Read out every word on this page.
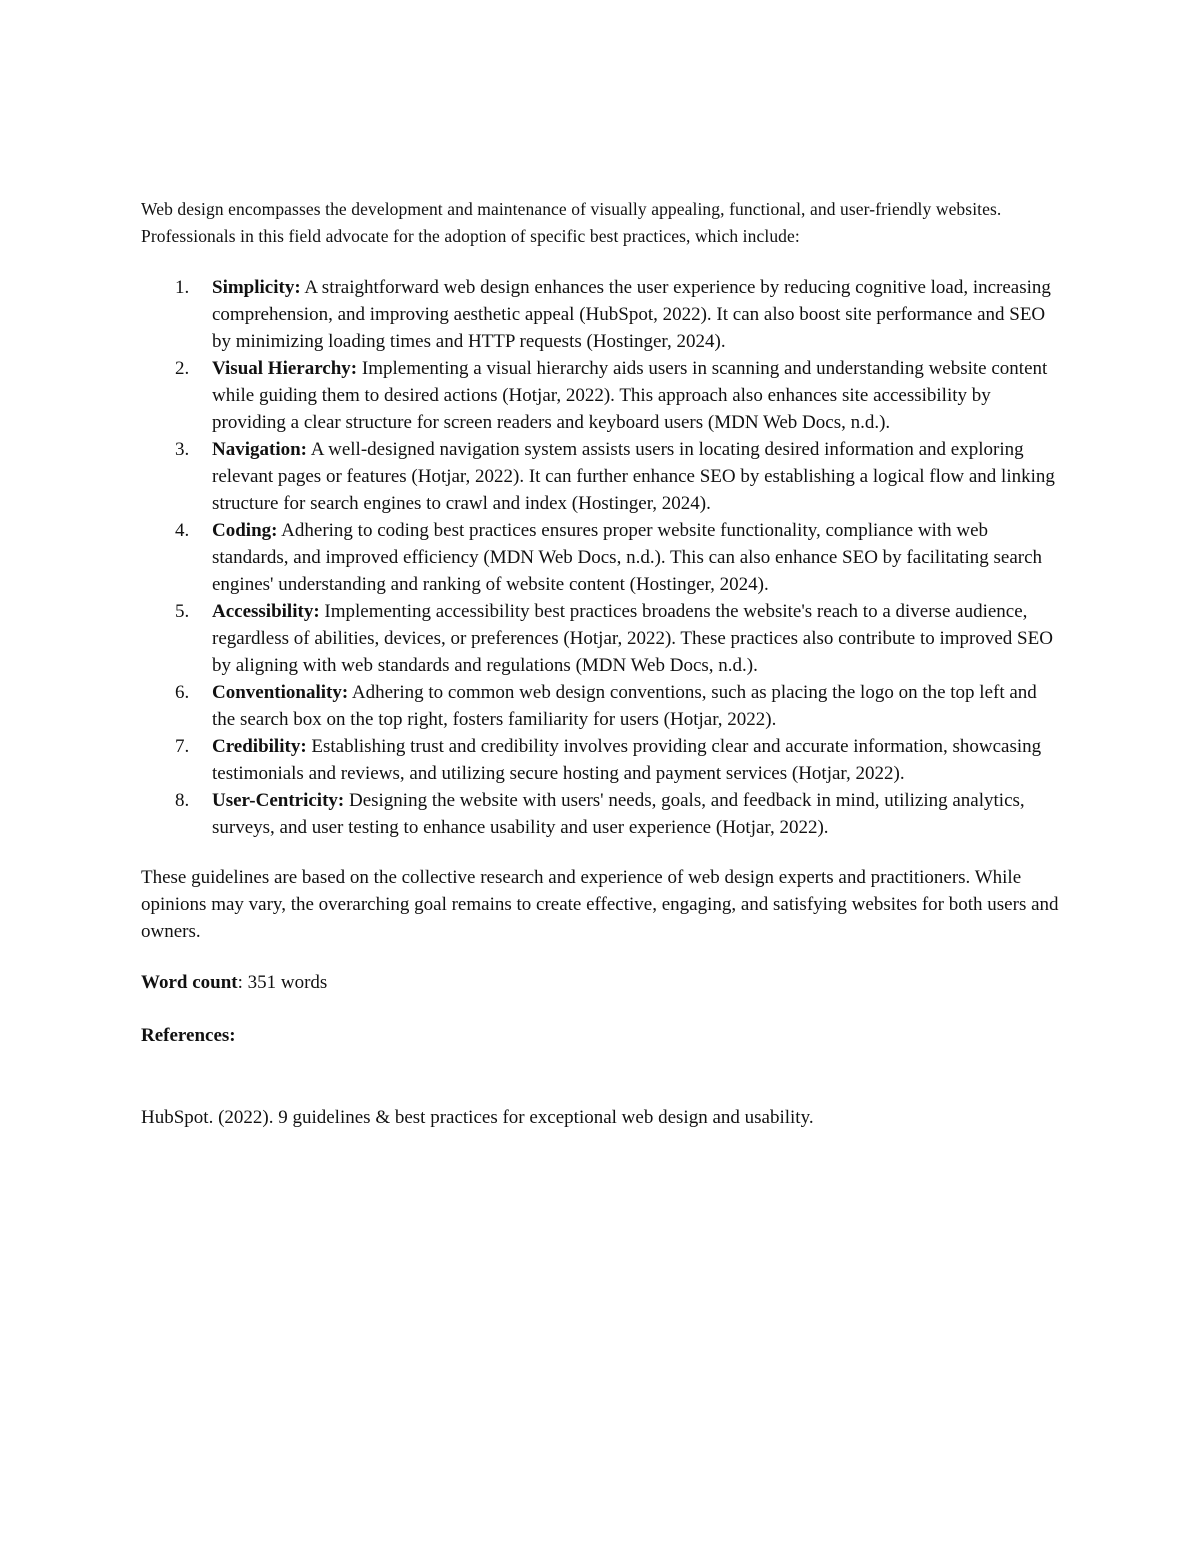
Web design encompasses the development and maintenance of visually appealing, functional, and user-friendly websites. Professionals in this field advocate for the adoption of specific best practices, which include:

1. Simplicity: A straightforward web design enhances the user experience by reducing cognitive load, increasing comprehension, and improving aesthetic appeal (HubSpot, 2022). It can also boost site performance and SEO by minimizing loading times and HTTP requests (Hostinger, 2024).
2. Visual Hierarchy: Implementing a visual hierarchy aids users in scanning and understanding website content while guiding them to desired actions (Hotjar, 2022). This approach also enhances site accessibility by providing a clear structure for screen readers and keyboard users (MDN Web Docs, n.d.).
3. Navigation: A well-designed navigation system assists users in locating desired information and exploring relevant pages or features (Hotjar, 2022). It can further enhance SEO by establishing a logical flow and linking structure for search engines to crawl and index (Hostinger, 2024).
4. Coding: Adhering to coding best practices ensures proper website functionality, compliance with web standards, and improved efficiency (MDN Web Docs, n.d.). This can also enhance SEO by facilitating search engines' understanding and ranking of website content (Hostinger, 2024).
5. Accessibility: Implementing accessibility best practices broadens the website's reach to a diverse audience, regardless of abilities, devices, or preferences (Hotjar, 2022). These practices also contribute to improved SEO by aligning with web standards and regulations (MDN Web Docs, n.d.).
6. Conventionality: Adhering to common web design conventions, such as placing the logo on the top left and the search box on the top right, fosters familiarity for users (Hotjar, 2022).
7. Credibility: Establishing trust and credibility involves providing clear and accurate information, showcasing testimonials and reviews, and utilizing secure hosting and payment services (Hotjar, 2022).
8. User-Centricity: Designing the website with users' needs, goals, and feedback in mind, utilizing analytics, surveys, and user testing to enhance usability and user experience (Hotjar, 2022).

These guidelines are based on the collective research and experience of web design experts and practitioners. While opinions may vary, the overarching goal remains to create effective, engaging, and satisfying websites for both users and owners.

Word count: 351 words

References:

HubSpot. (2022). 9 guidelines & best practices for exceptional web design and usability.
